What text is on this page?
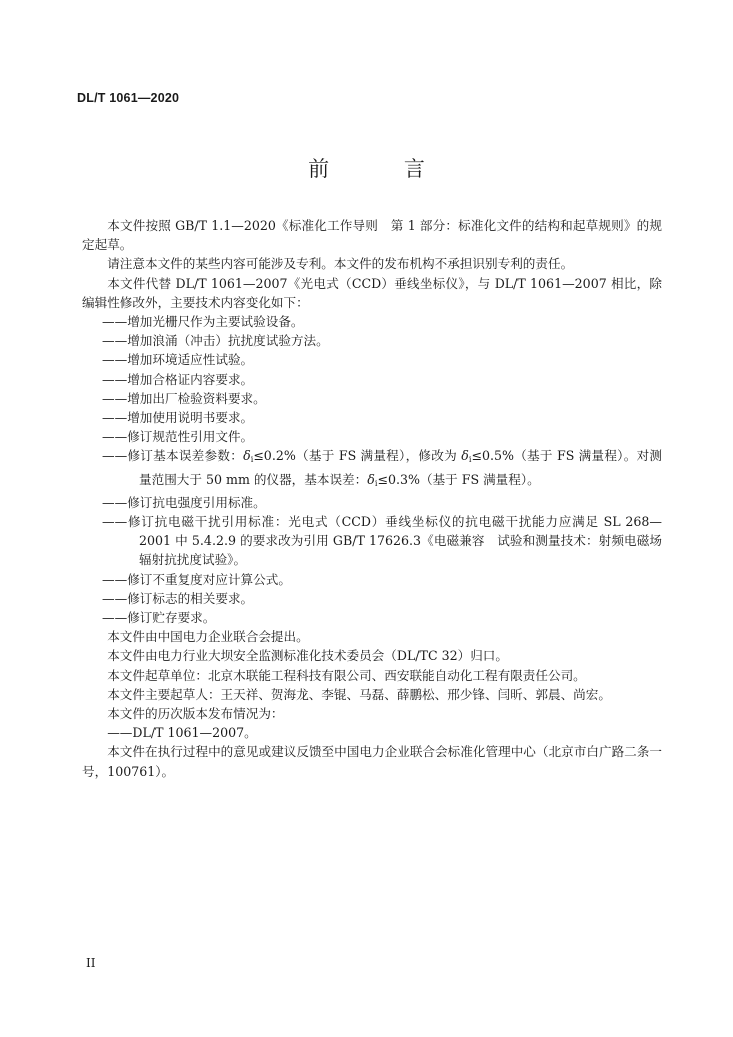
DL/T 1061—2020
前 言

本文件按照 GB/T 1.1—2020《标准化工作导则　第 1 部分：标准化文件的结构和起草规则》的规定起草。

请注意本文件的某些内容可能涉及专利。本文件的发布机构不承担识别专利的责任。

本文件代替 DL/T 1061—2007《光电式（CCD）垂线坐标仪》，与 DL/T 1061—2007 相比，除编辑性修改外，主要技术内容变化如下：

——增加光栅尺作为主要试验设备。

——增加浪涌（冲击）抗扰度试验方法。

——增加环境适应性试验。

——增加合格证内容要求。

——增加出厂检验资料要求。

——增加使用说明书要求。

——修订规范性引用文件。

——修订基本误差参数：$\delta_i\le 0.2\%$（基于 FS 满量程），修改为 $\delta_i\le 0.5\%$（基于 FS 满量程）。对测量范围大于 50 mm 的仪器，基本误差：$\delta_i\le 0.3\%$（基于 FS 满量程）。

——修订抗电强度引用标准。

——修订抗电磁干扰引用标准：光电式（CCD）垂线坐标仪的抗电磁干扰能力应满足 SL 268—2001 中 5.4.2.9 的要求改为引用 GB/T 17626.3《电磁兼容　试验和测量技术：射频电磁场辐射抗扰度试验》。

——修订不重复度对应计算公式。

——修订标志的相关要求。

——修订贮存要求。

本文件由中国电力企业联合会提出。

本文件由电力行业大坝安全监测标准化技术委员会（DL/TC 32）归口。

本文件起草单位：北京木联能工程科技有限公司、西安联能自动化工程有限责任公司。

本文件主要起草人：王天祥、贺海龙、李锟、马磊、薛鹏松、邢少锋、闫昕、郭晨、尚宏。

本文件的历次版本发布情况为：

——DL/T 1061—2007。

本文件在执行过程中的意见或建议反馈至中国电力企业联合会标准化管理中心（北京市白广路二条一号，100761）。

II
